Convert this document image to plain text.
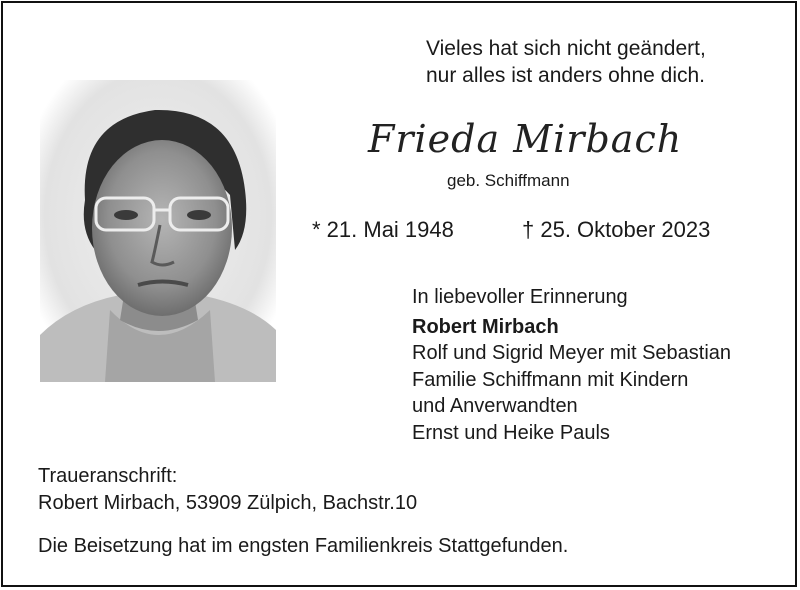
Vieles hat sich nicht geändert,
nur alles ist anders ohne dich.
Frieda Mirbach
geb. Schiffmann
* 21. Mai 1948	† 25. Oktober 2023
In liebevoller Erinnerung
Robert Mirbach
Rolf und Sigrid Meyer mit Sebastian
Familie Schiffmann mit Kindern
und Anverwandten
Ernst und Heike Pauls
Traueranschrift:
Robert Mirbach, 53909 Zülpich, Bachstr.10
Die Beisetzung hat im engsten Familienkreis Stattgefunden.
